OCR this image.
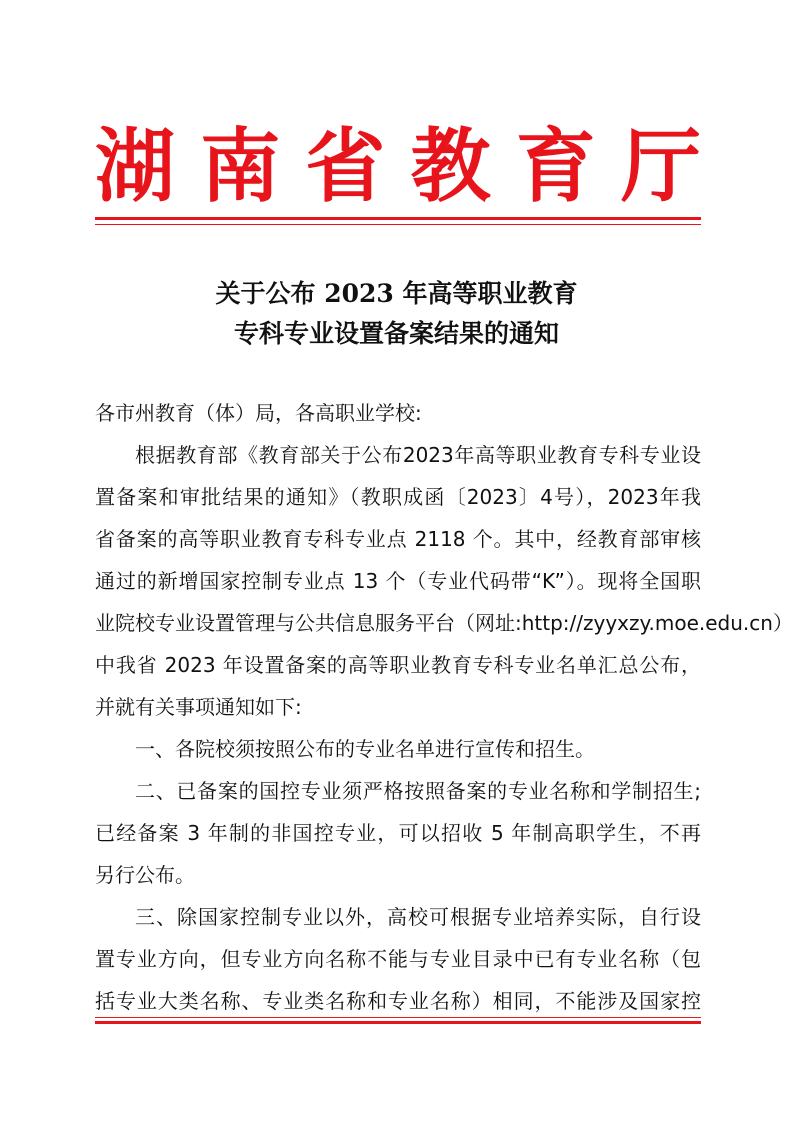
湖 南 省 教 育 厅
关于公布 2023 年高等职业教育
专科专业设置备案结果的通知
各市州教育（体）局，各高职业学校:
根据教育部《教育部关于公布2023年高等职业教育专科专业设
置备案和审批结果的通知》（教职成函〔2023〕4号），2023年我
省备案的高等职业教育专科专业点 2118 个。其中，经教育部审核
通过的新增国家控制专业点 13 个（专业代码带“K”）。现将全国职
业院校专业设置管理与公共信息服务平台（网址:http://zyyxzy.moe.edu.cn）
中我省 2023 年设置备案的高等职业教育专科专业名单汇总公布，
并就有关事项通知如下:
一、各院校须按照公布的专业名单进行宣传和招生。
二、已备案的国控专业须严格按照备案的专业名称和学制招生;
已经备案 3 年制的非国控专业，可以招收 5 年制高职学生，不再
另行公布。
三、除国家控制专业以外，高校可根据专业培养实际，自行设
置专业方向，但专业方向名称不能与专业目录中已有专业名称（包
括专业大类名称、专业类名称和专业名称）相同，不能涉及国家控
